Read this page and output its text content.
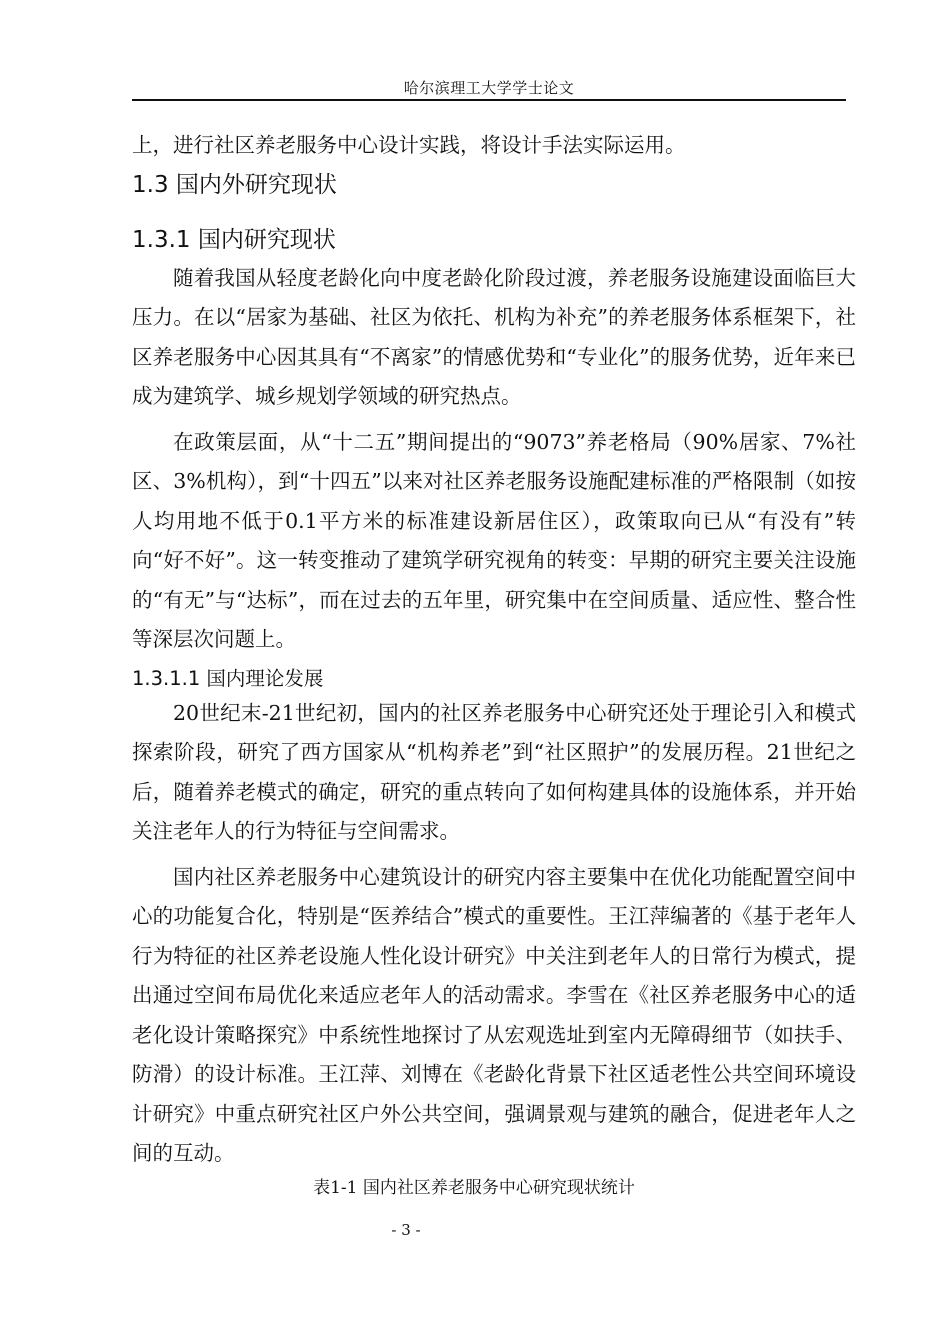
哈尔滨理工大学学士论文

上，进行社区养老服务中心设计实践，将设计手法实际运用。

1.3 国内外研究现状
1.3.1 国内研究现状

随着我国从轻度老龄化向中度老龄化阶段过渡，养老服务设施建设面临巨大压力。在以“居家为基础、社区为依托、机构为补充”的养老服务体系框架下，社区养老服务中心因其具有“不离家”的情感优势和“专业化”的服务优势，近年来已成为建筑学、城乡规划学领域的研究热点。

在政策层面，从“十二五”期间提出的“9073”养老格局（90%居家、7%社区、3%机构），到“十四五”以来对社区养老服务设施配建标准的严格限制（如按人均用地不低于0.1平方米的标准建设新居住区），政策取向已从“有没有”转向“好不好”。这一转变推动了建筑学研究视角的转变：早期的研究主要关注设施的“有无”与“达标”，而在过去的五年里，研究集中在空间质量、适应性、整合性等深层次问题上。

1.3.1.1 国内理论发展

20世纪末-21世纪初，国内的社区养老服务中心研究还处于理论引入和模式探索阶段，研究了西方国家从“机构养老”到“社区照护”的发展历程。21世纪之后，随着养老模式的确定，研究的重点转向了如何构建具体的设施体系，并开始关注老年人的行为特征与空间需求。

国内社区养老服务中心建筑设计的研究内容主要集中在优化功能配置空间中心的功能复合化，特别是“医养结合”模式的重要性。王江萍编著的《基于老年人行为特征的社区养老设施人性化设计研究》中关注到老年人的日常行为模式，提出通过空间布局优化来适应老年人的活动需求。李雪在《社区养老服务中心的适老化设计策略探究》中系统性地探讨了从宏观选址到室内无障碍细节（如扶手、防滑）的设计标准。王江萍、刘博在《老龄化背景下社区适老性公共空间环境设计研究》中重点研究社区户外公共空间，强调景观与建筑的融合，促进老年人之间的互动。

表1-1 国内社区养老服务中心研究现状统计

- 3 -
